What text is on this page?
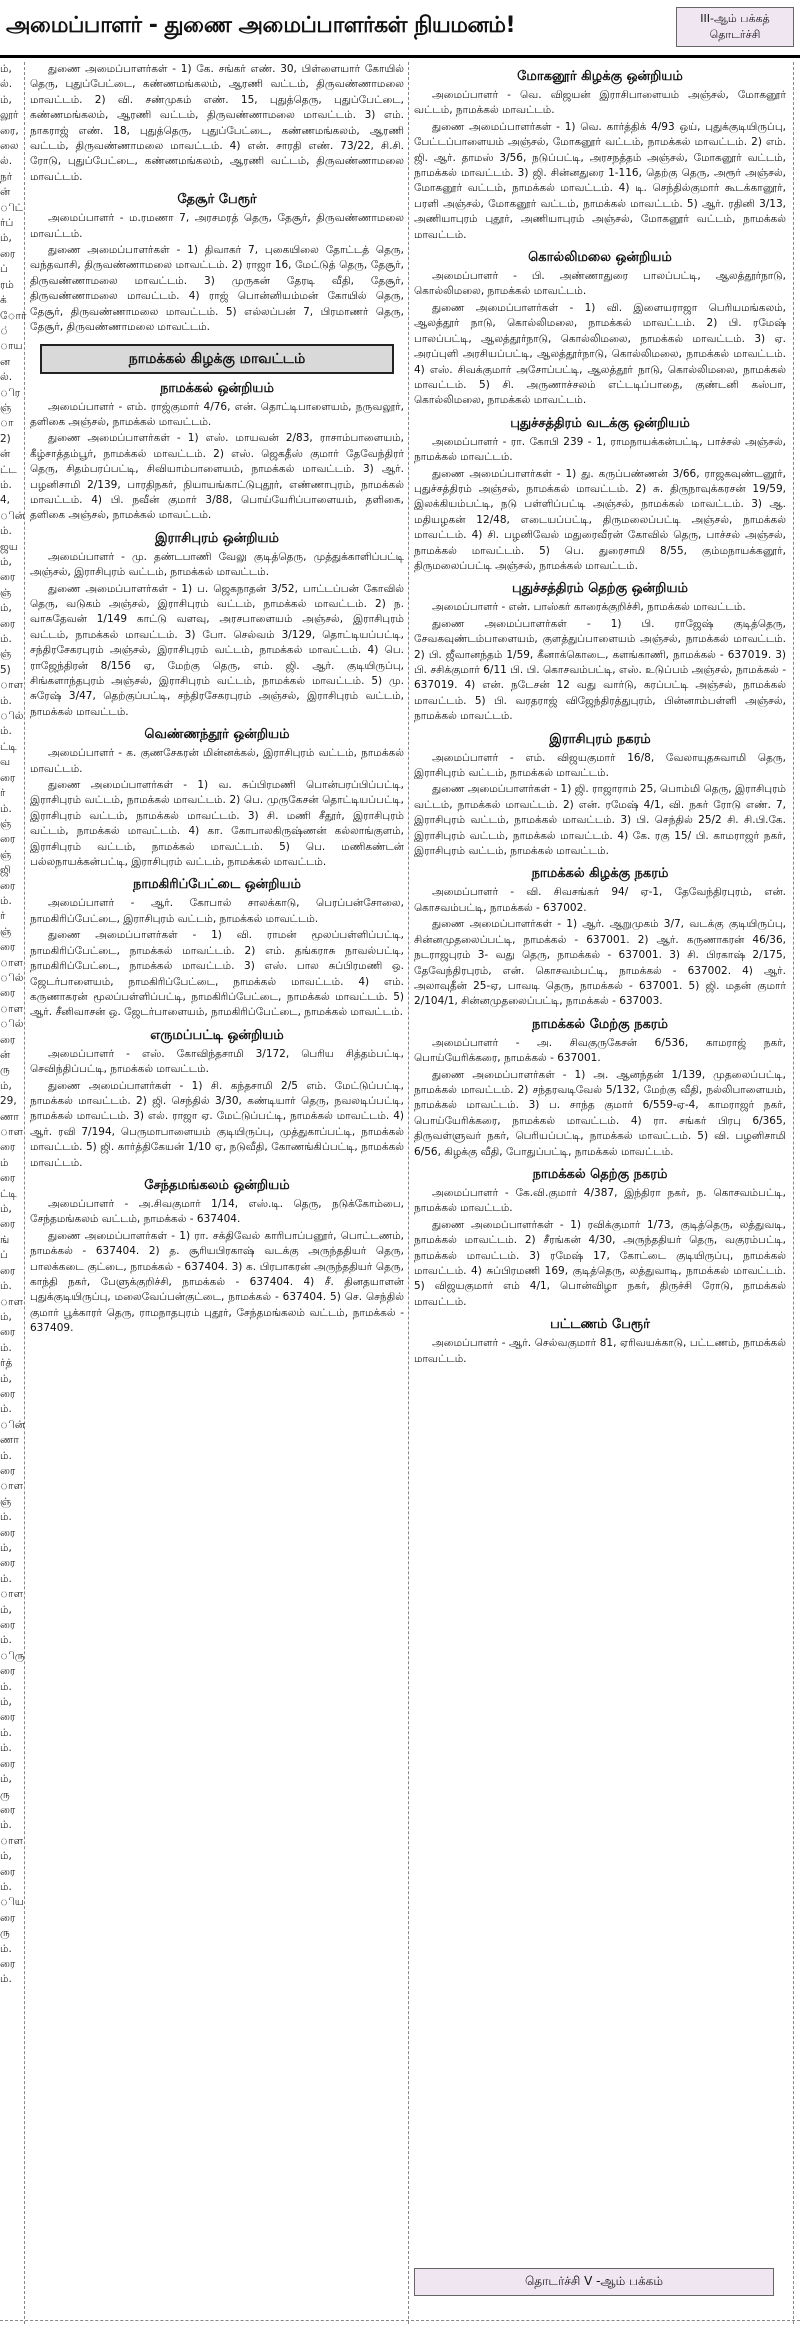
அமைப்பாளர் - துணை அமைப்பாளர்கள் நியமனம்!	III-ஆம் பக்கத்
தொடர்ச்சி
ம்,
ல்.
ம்,
லூர்
ரை,
லை
ல்.
நர்
ன்
ிட்
ர்ப்
ம்,
ரை
ப்
ரம்
க்
ோர்
்
ாய
ன
ல்.
ிர
ஞ்
ா
2)
ன்
ட்ட
ம்.
4,
ின்
ம்.
ஜய
ம்,
ரை
ஞ்
ம்,
ரை
ம்.
ஞ்
5)
ாள
ம்.
ில்
ம்.
ட்டி
வ
ரை
ர்
ம்.
ஞ்
ரை
ஞ்
ஜி
ரை
ம்.
ர்
ஞ்
ரை
ாள
ில்
ரை
ாள
ில்
ரை
ன்
ரு
ம்,
29,
ணா
ாள
ரை
ம்
ரை
ட்டி
ம்,
ரை
ங்
ப்
ரை
ம்.
ாள
ம்,
ரை
ம்.
ர்த்
ம்,
ரை
ம்.
ின்
ணா
ம்.
ரை
ாள
ஞ்
ம்.
ரை
ம்,
ரை
ம்.
ாள
ம்,
ரை
ம்.
ிரு
ரை
ம்.
ம்,
ரை
ம்.
ம்.
ரை
ம்,
ரு
ரை
ம்.
ாள
ம்,
ரை
ம்.
ிய
ரை
ரு
ம்.
ரை
ம்.

துணை அமைப்பாளர்கள் - 1) கே. சங்கர் எண். 30, பிள்ளையார் கோயில் தெரு, புதுப்பேட்டை, கண்ணமங்கலம், ஆரணி வட்டம், திருவண்ணாமலை மாவட்டம். 2) வி. சண்முகம் எண். 15, புதுத்தெரு, புதுப்பேட்டை, கண்ணமங்கலம், ஆரணி வட்டம், திருவண்ணாமலை மாவட்டம். 3) எம். நாகராஜ் எண். 18, புதுத்தெரு, புதுப்பேட்டை, கண்ணமங்கலம், ஆரணி வட்டம், திருவண்ணாமலை மாவட்டம். 4) என். சாரதி எண். 73/22, சி.சி. ரோடு, புதுப்பேட்டை, கண்ணமங்கலம், ஆரணி வட்டம், திருவண்ணாமலை மாவட்டம்.

தேசூர் பேரூர்

அமைப்பாளர் - ம.ரமணா 7, அரசமரத் தெரு, தேசூர், திருவண்ணாமலை மாவட்டம்.

துணை அமைப்பாளர்கள் - 1) திவாகர் 7, புகையிலை தோட்டத் தெரு, வந்தவாசி, திருவண்ணாமலை மாவட்டம். 2) ராஜா 16, மேட்டுத் தெரு, தேசூர், திருவண்ணாமலை மாவட்டம். 3) முருகன் தேரடி வீதி, தேசூர், திருவண்ணாமலை மாவட்டம். 4) ராஜ் பொன்னியம்மன் கோயில் தெரு, தேசூர், திருவண்ணாமலை மாவட்டம். 5) எல்லப்பன் 7, பிரமாணர் தெரு, தேசூர், திருவண்ணாமலை மாவட்டம்.

நாமக்கல் கிழக்கு மாவட்டம்
நாமக்கல் ஒன்றியம்

அமைப்பாளர் - எம். ராஜ்குமார் 4/76, என். தொட்டிபாளையம், நருவலூர், தளிகை அஞ்சல், நாமக்கல் மாவட்டம்.

துணை அமைப்பாளர்கள் - 1) எஸ். மாயவன் 2/83, ராசாம்பாளையம், கீழ்சாத்தம்பூர், நாமக்கல் மாவட்டம். 2) எஸ். ஜெகதீஸ் குமார் தேவேந்திரர் தெரு, சிதம்பரப்பட்டி, சிவியாம்பாளையம், நாமக்கல் மாவட்டம். 3) ஆர். பழனிசாமி 2/139, பாரதிநகர், நியாயங்காட்டுபுதூர், எண்ணாபுரம், நாமக்கல் மாவட்டம். 4) பி. நவீன் குமார் 3/88, பொய்யேரிப்பாளையம், தளிகை, தளிகை அஞ்சல், நாமக்கல் மாவட்டம்.

இராசிபுரம் ஒன்றியம்

அமைப்பாளர் - மு. தண்டபாணி வேலு குடித்தெரு, முத்துக்காளிப்பட்டி அஞ்சல், இராசிபுரம் வட்டம், நாமக்கல் மாவட்டம்.

துணை அமைப்பாளர்கள் - 1) ப. ஜெகநாதன் 3/52, பாட்டப்பன் கோவில் தெரு, வடுகம் அஞ்சல், இராசிபுரம் வட்டம், நாமக்கல் மாவட்டம். 2) ந. வாசுதேவன் 1/149 காட்டு வளவு, அரசபாளையம் அஞ்சல், இராசிபுரம் வட்டம், நாமக்கல் மாவட்டம். 3) போ. செல்வம் 3/129, தொட்டியப்பட்டி, சந்திரசேகரபுரம் அஞ்சல், இராசிபுரம் வட்டம், நாமக்கல் மாவட்டம். 4) பெ. ராஜேந்திரன் 8/156 ஏ, மேற்கு தெரு, எம். ஜி. ஆர். குடியிருப்பு, சிங்களாந்தபுரம் அஞ்சல், இராசிபுரம் வட்டம், நாமக்கல் மாவட்டம். 5) மு. சுரேஷ் 3/47, தெற்குப்பட்டி, சந்திரசேகரபுரம் அஞ்சல், இராசிபுரம் வட்டம், நாமக்கல் மாவட்டம்.

வெண்ணந்தூர் ஒன்றியம்

அமைப்பாளர் - க. குணசேகரன் மின்னக்கல், இராசிபுரம் வட்டம், நாமக்கல் மாவட்டம்.

துணை அமைப்பாளர்கள் - 1) வ. சுப்பிரமணி பொன்பரப்பிப்பட்டி, இராசிபுரம் வட்டம், நாமக்கல் மாவட்டம். 2) பெ. முருகேசன் தொட்டியப்பட்டி, இராசிபுரம் வட்டம், நாமக்கல் மாவட்டம். 3) சி. மணி சீதூர், இராசிபுரம் வட்டம், நாமக்கல் மாவட்டம். 4) கா. கோபாலகிருஷ்ணன் கல்லாங்குளம், இராசிபுரம் வட்டம், நாமக்கல் மாவட்டம். 5) பெ. மணிகண்டன் பல்லநாயக்கன்பட்டி, இராசிபுரம் வட்டம், நாமக்கல் மாவட்டம்.

நாமகிரிப்பேட்டை ஒன்றியம்

அமைப்பாளர் - ஆர். கோபால் சாலக்காடு, பெரப்பன்சோலை, நாமகிரிப்பேட்டை, இராசிபுரம் வட்டம், நாமக்கல் மாவட்டம்.

துணை அமைப்பாளர்கள் - 1) வி. ராமன் மூலப்பள்ளிப்பட்டி, நாமகிரிப்பேட்டை, நாமக்கல் மாவட்டம். 2) எம். தங்கராசு நாவல்பட்டி, நாமகிரிப்பேட்டை, நாமக்கல் மாவட்டம். 3) எஸ். பால சுப்பிரமணி ஒ. ஜேடர்பாளையம், நாமகிரிப்பேட்டை, நாமக்கல் மாவட்டம். 4) எம். கருணாகரன் மூலப்பள்ளிப்பட்டி, நாமகிரிப்பேட்டை, நாமக்கல் மாவட்டம். 5) ஆர். சீனிவாசன் ஒ. ஜேடர்பாளையம், நாமகிரிப்பேட்டை, நாமக்கல் மாவட்டம்.

எருமப்பட்டி ஒன்றியம்

அமைப்பாளர் - எஸ். கோவிந்தசாமி 3/172, பெரிய சித்தம்பட்டி, செவிந்திப்பட்டி, நாமக்கல் மாவட்டம்.

துணை அமைப்பாளர்கள் - 1) சி. கந்தசாமி 2/5 எம். மேட்டுப்பட்டி, நாமக்கல் மாவட்டம். 2) ஜி. செந்தில் 3/30, கண்டியார் தெரு, நவலடிப்பட்டி, நாமக்கல் மாவட்டம். 3) எல். ராஜா ஏ. மேட்டுப்பட்டி, நாமக்கல் மாவட்டம். 4) ஆர். ரவி 7/194, பெருமாபாளையம் குடியிருப்பு, முத்துகாப்பட்டி, நாமக்கல் மாவட்டம். 5) ஜி. கார்த்திகேயன் 1/10 ஏ, நடுவீதி, கோணங்கிப்பட்டி, நாமக்கல் மாவட்டம்.

சேந்தமங்கலம் ஒன்றியம்

அமைப்பாளர் - அ.சிவகுமார் 1/14, எஸ்.டி. தெரு, நடுக்கோம்பை, சேந்தமங்கலம் வட்டம், நாமக்கல் - 637404.

துணை அமைப்பாளர்கள் - 1) ரா. சக்திவேல் காரிபாப்பனூர், பொட்டணம், நாமக்கல் - 637404. 2) த. சூரியபிரகாஷ் வடக்கு அருந்ததியர் தெரு, பாலக்கடை குட்டை, நாமக்கல் - 637404. 3) க. பிரபாகரன் அருந்ததியர் தெரு, காந்தி நகர், பேளுக்குறிச்சி, நாமக்கல் - 637404. 4) சீ. தினதயாளன் புதுக்குடியிருப்பு, மலைவேப்பன்குட்டை, நாமக்கல் - 637404. 5) செ. செந்தில் குமார் பூக்காரர் தெரு, ராமநாதபுரம் புதூர், சேந்தமங்கலம் வட்டம், நாமக்கல் - 637409.

மோகனூர் கிழக்கு ஒன்றியம்

அமைப்பாளர் - வெ. விஜயன் இராசிபாளையம் அஞ்சல், மோகனூர் வட்டம், நாமக்கல் மாவட்டம்.

துணை அமைப்பாளர்கள் - 1) வெ. கார்த்திக் 4/93 ஒய், புதுக்குடியிருப்பு, பேட்டப்பாளையம் அஞ்சல், மோகனூர் வட்டம், நாமக்கல் மாவட்டம். 2) எம். ஜி. ஆர். தாமஸ் 3/56, நடுப்பட்டி, அரசநத்தம் அஞ்சல், மோகனூர் வட்டம், நாமக்கல் மாவட்டம். 3) ஜி. சின்னதுரை 1-116, தெற்கு தெரு, அரூர் அஞ்சல், மோகனூர் வட்டம், நாமக்கல் மாவட்டம். 4) டி. செந்தில்குமார் கூடக்கானூர், பரளி அஞ்சல், மோகனூர் வட்டம், நாமக்கல் மாவட்டம். 5) ஆர். ரதினி 3/13, அணியாபுரம் புதூர், அணியாபுரம் அஞ்சல், மோகனூர் வட்டம், நாமக்கல் மாவட்டம்.

கொல்லிமலை ஒன்றியம்

அமைப்பாளர் - பி. அண்ணாதுரை பாலப்பட்டி, ஆலத்தூர்நாடு, கொல்லிமலை, நாமக்கல் மாவட்டம்.

துணை அமைப்பாளர்கள் - 1) வி. இளையராஜா பெரியமங்கலம், ஆலத்தூர் நாடு, கொல்லிமலை, நாமக்கல் மாவட்டம். 2) பி. ரமேஷ் பாலப்பட்டி, ஆலத்தூர்நாடு, கொல்லிமலை, நாமக்கல் மாவட்டம். 3) ஏ. அரப்புளி அரசியப்பட்டி, ஆலத்தூர்நாடு, கொல்லிமலை, நாமக்கல் மாவட்டம். 4) எஸ். சிவக்குமார் அசோப்பட்டி, ஆலத்தூர் நாடு, கொல்லிமலை, நாமக்கல் மாவட்டம். 5) சி. அருணாச்சலம் எட்டடிப்பாதை, குண்டனி கஸ்பா, கொல்லிமலை, நாமக்கல் மாவட்டம்.

புதுச்சத்திரம் வடக்கு ஒன்றியம்

அமைப்பாளர் - ரா. கோபி 239 - 1, ராமநாயக்கன்பட்டி, பாச்சல் அஞ்சல், நாமக்கல் மாவட்டம்.

துணை அமைப்பாளர்கள் - 1) து. கருப்பண்ணன் 3/66, ராஜகவுண்டனூர், புதுச்சத்திரம் அஞ்சல், நாமக்கல் மாவட்டம். 2) சு. திருநாவுக்கரசன் 19/59, இலக்கியம்பட்டி, நடு பள்ளிப்பட்டி அஞ்சல், நாமக்கல் மாவட்டம். 3) ஆ. மதியழகன் 12/48, எடையப்பட்டி, திருமலைப்பட்டி அஞ்சல், நாமக்கல் மாவட்டம். 4) சி. பழனிவேல் மதுரைவீரன் கோவில் தெரு, பாச்சல் அஞ்சல், நாமக்கல் மாவட்டம். 5) பெ. துரைசாமி 8/55, கும்மநாயக்கனூர், திருமலைப்பட்டி அஞ்சல், நாமக்கல் மாவட்டம்.

புதுச்சத்திரம் தெற்கு ஒன்றியம்

அமைப்பாளர் - என். பாஸ்கர் காரைக்குறிச்சி, நாமக்கல் மாவட்டம்.

துணை அமைப்பாளர்கள் - 1) பி. ராஜேஷ் குடித்தெரு, சேவகவுண்டம்பாளையம், குளத்துப்பாளையம் அஞ்சல், நாமக்கல் மாவட்டம். 2) பி. ஜீவானந்தம் 1/59, கீனாக்கொடை, களங்காணி, நாமக்கல் - 637019. 3) பி. சசிக்குமார் 6/11 பி. பி. கொசவம்பட்டி, எஸ். உடுப்பம் அஞ்சல், நாமக்கல் - 637019. 4) என். நடேசன் 12 வது வார்டு, கரப்பட்டி அஞ்சல், நாமக்கல் மாவட்டம். 5) பி. வரதராஜ் விஜேந்திரத்துபுரம், பின்னாம்பள்ளி அஞ்சல், நாமக்கல் மாவட்டம்.

இராசிபுரம் நகரம்

அமைப்பாளர் - எம். விஜயகுமார் 16/8, வேலாயுதசுவாமி தெரு, இராசிபுரம் வட்டம், நாமக்கல் மாவட்டம்.

துணை அமைப்பாளர்கள் - 1) ஜி. ராஜாராம் 25, பொம்மி தெரு, இராசிபுரம் வட்டம், நாமக்கல் மாவட்டம். 2) என். ரமேஷ் 4/1, வி. நகர் ரோடு எண். 7, இராசிபுரம் வட்டம், நாமக்கல் மாவட்டம். 3) பி. செந்தில் 25/2 சி. சி.பி.கே. இராசிபுரம் வட்டம், நாமக்கல் மாவட்டம். 4) கே. ரகு 15/ பி. காமராஜர் நகர், இராசிபுரம் வட்டம், நாமக்கல் மாவட்டம்.

நாமக்கல் கிழக்கு நகரம்

அமைப்பாளர் - வி. சிவசங்கர் 94/ ஏ-1, தேவேந்திரபுரம், என். கொசவம்பட்டி, நாமக்கல் - 637002.

துணை அமைப்பாளர்கள் - 1) ஆர். ஆறுமுகம் 3/7, வடக்கு குடியிருப்பு, சின்னமுதலைப்பட்டி, நாமக்கல் - 637001. 2) ஆர். கருணாகரன் 46/36, நடராஜபுரம் 3- வது தெரு, நாமக்கல் - 637001. 3) சி. பிரகாஷ் 2/175, தேவேந்திரபுரம், என். கொசவம்பட்டி, நாமக்கல் - 637002. 4) ஆர். அலாவுதீன் 25-ஏ, பாவடி தெரு, நாமக்கல் - 637001. 5) ஜி. மதன் குமார் 2/104/1, சின்னமுதலைப்பட்டி, நாமக்கல் - 637003.

நாமக்கல் மேற்கு நகரம்

அமைப்பாளர் - அ. சிவகுருகேசன் 6/536, காமராஜ் நகர், பொய்யேரிக்கரை, நாமக்கல் - 637001.

துணை அமைப்பாளர்கள் - 1) அ. ஆனந்தன் 1/139, முதலைப்பட்டி, நாமக்கல் மாவட்டம். 2) சந்தரவடிவேல் 5/132, மேற்கு வீதி, நல்லிபாளையம், நாமக்கல் மாவட்டம். 3) ப. சாந்த குமார் 6/559-ஏ-4, காமராஜர் நகர், பொய்யேரிக்கரை, நாமக்கல் மாவட்டம். 4) ரா. சங்கர் பிரபு 6/365, திருவள்ளுவர் நகர், பெரியப்பட்டி, நாமக்கல் மாவட்டம். 5) வி. பழனிசாமி 6/56, கிழக்கு வீதி, போதுப்பட்டி, நாமக்கல் மாவட்டம்.

நாமக்கல் தெற்கு நகரம்

அமைப்பாளர் - கே.வி.குமார் 4/387, இந்திரா நகர், ந. கொசவம்பட்டி, நாமக்கல் மாவட்டம்.

துணை அமைப்பாளர்கள் - 1) ரவிக்குமார் 1/73, குடித்தெரு, லத்துவடி, நாமக்கல் மாவட்டம். 2) சீரங்கன் 4/30, அருந்ததியர் தெரு, வகுரம்பட்டி, நாமக்கல் மாவட்டம். 3) ரமேஷ் 17, கோட்டை குடியிருப்பு, நாமக்கல் மாவட்டம். 4) சுப்பிரமணி 169, குடித்தெரு, லத்துவாடி, நாமக்கல் மாவட்டம். 5) விஜயகுமார் எம் 4/1, பொன்விழா நகர், திருச்சி ரோடு, நாமக்கல் மாவட்டம்.

பட்டணம் பேரூர்

அமைப்பாளர் - ஆர். செல்வகுமார் 81, ஏரிவயக்காடு, பட்டணம், நாமக்கல் மாவட்டம்.

தொடர்ச்சி V -ஆம் பக்கம்
